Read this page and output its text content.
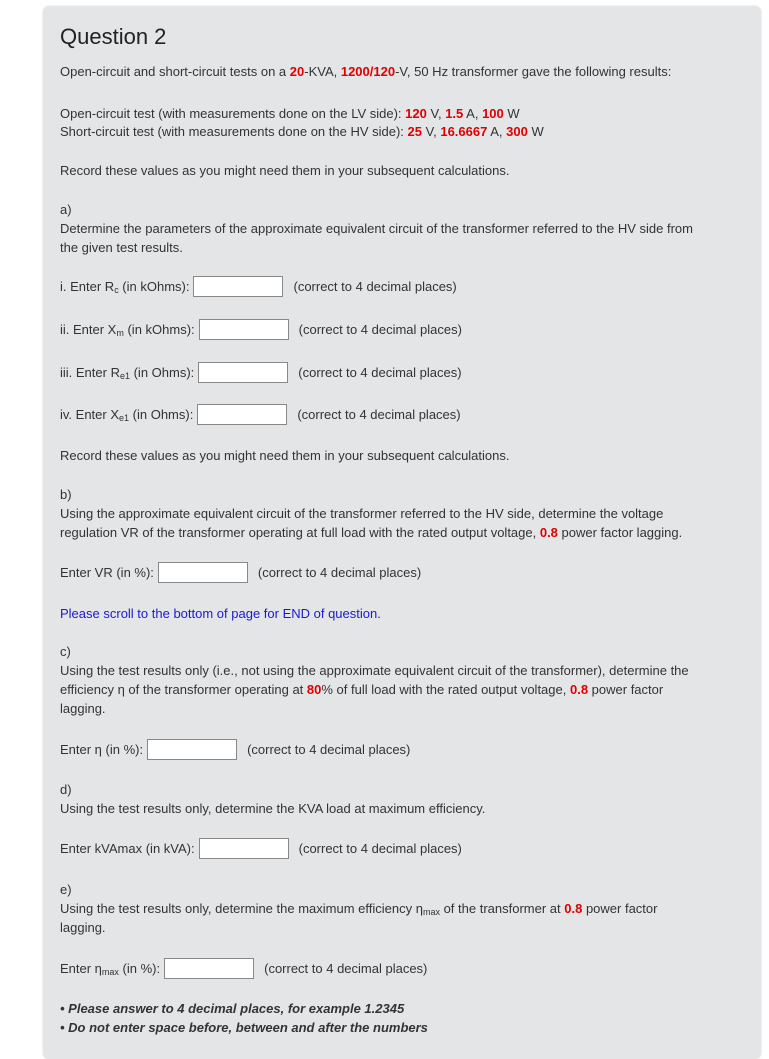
Question 2

Open-circuit and short-circuit tests on a 20-KVA, 1200/120-V, 50 Hz transformer gave the following results:

Open-circuit test (with measurements done on the LV side): 120 V, 1.5 A, 100 W

Short-circuit test (with measurements done on the HV side): 25 V, 16.6667 A, 300 W

Record these values as you might need them in your subsequent calculations.

a)

Determine the parameters of the approximate equivalent circuit of the transformer referred to the HV side from the given test results.

i. Enter $R_c$ (in kOhms):	(correct to 4 decimal places)
ii. Enter $X_m$ (in kOhms):	(correct to 4 decimal places)
iii. Enter $R_{e1}$ (in Ohms):	(correct to 4 decimal places)
iv. Enter $X_{e1}$ (in Ohms):	(correct to 4 decimal places)

Record these values as you might need them in your subsequent calculations.

b)

Using the approximate equivalent circuit of the transformer referred to the HV side, determine the voltage regulation VR of the transformer operating at full load with the rated output voltage, 0.8 power factor lagging.

Enter VR (in %):	(correct to 4 decimal places)

Please scroll to the bottom of page for END of question.

c)

Using the test results only (i.e., not using the approximate equivalent circuit of the transformer), determine the efficiency η of the transformer operating at 80% of full load with the rated output voltage, 0.8 power factor lagging.

Enter η (in %):	(correct to 4 decimal places)

d)

Using the test results only, determine the KVA load at maximum efficiency.

Enter kVAmax (in kVA):	(correct to 4 decimal places)

e)

Using the test results only, determine the maximum efficiency $\eta_{max}$ of the transformer at 0.8 power factor lagging.

Enter $\eta_{max}$ (in %):	(correct to 4 decimal places)

• Please answer to 4 decimal places, for example 1.2345

• Do not enter space before, between and after the numbers
